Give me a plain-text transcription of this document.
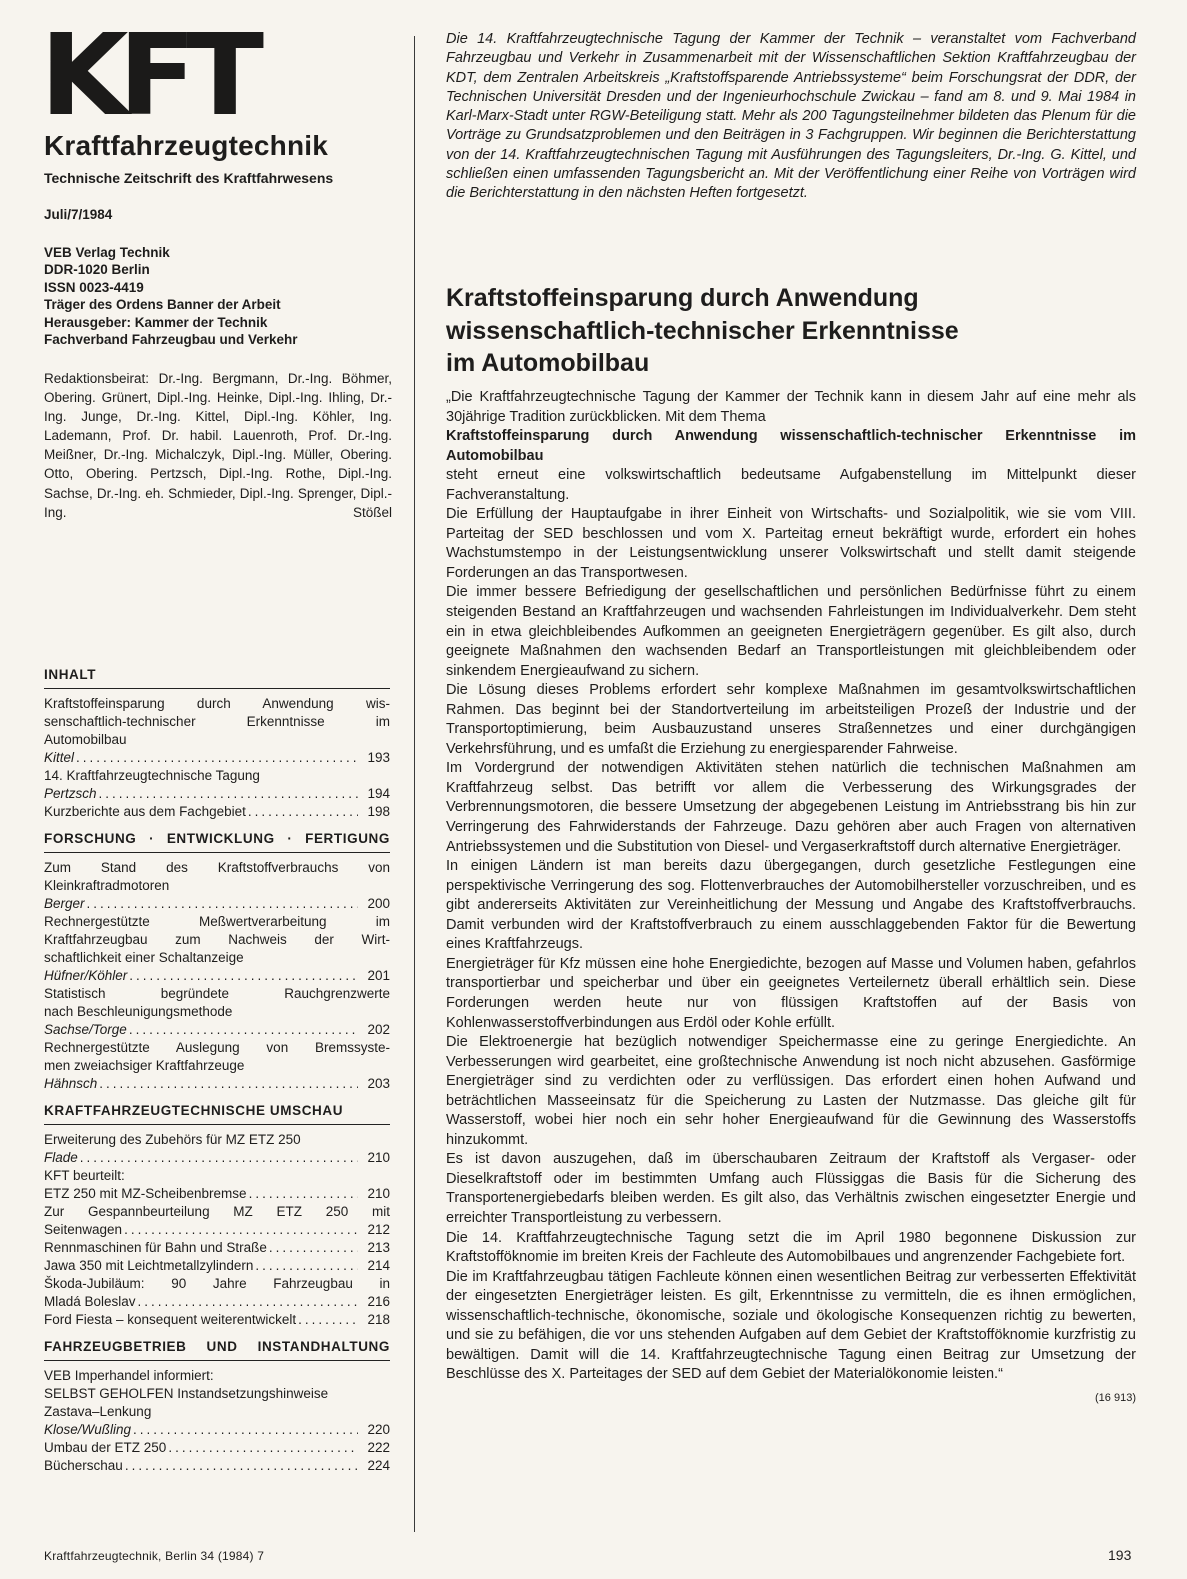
KFT
Kraftfahrzeugtechnik
Technische Zeitschrift des Kraftfahrwesens
Juli/7/1984
VEB Verlag Technik
DDR-1020 Berlin
ISSN 0023-4419
Träger des Ordens Banner der Arbeit
Herausgeber: Kammer der Technik
Fachverband Fahrzeugbau und Verkehr
Redaktionsbeirat: Dr.-Ing. Bergmann, Dr.-Ing. Böhmer, Obering. Grünert, Dipl.-Ing. Heinke, Dipl.-Ing. Ihling, Dr.-Ing. Junge, Dr.-Ing. Kittel, Dipl.-Ing. Köhler, Ing. Lademann, Prof. Dr. habil. Lauenroth, Prof. Dr.-Ing. Meißner, Dr.-Ing. Michalczyk, Dipl.-Ing. Müller, Obering. Otto, Obering. Pertzsch, Dipl.-Ing. Rothe, Dipl.-Ing. Sachse, Dr.-Ing. eh. Schmieder, Dipl.-Ing. Sprenger, Dipl.-Ing. Stößel
INHALT
Kraftstoffeinsparung durch Anwendung wis-
senschaftlich-technischer Erkenntnisse im
Automobilbau
Kittel .....	193
14. Kraftfahrzeugtechnische Tagung
Pertzsch .....	194
Kurzberichte aus dem Fachgebiet .....	198
FORSCHUNG · ENTWICKLUNG · FERTIGUNG
Zum Stand des Kraftstoffverbrauchs von
Kleinkraftradmotoren
Berger .....	200
Rechnergestützte Meßwertverarbeitung im
Kraftfahrzeugbau zum Nachweis der Wirt-
schaftlichkeit einer Schaltanzeige
Hüfner/Köhler .....	201
Statistisch begründete Rauchgrenzwerte
nach Beschleunigungsmethode
Sachse/Torge .....	202
Rechnergestützte Auslegung von Bremssyste-
men zweiachsiger Kraftfahrzeuge
Hähnsch .....	203
KRAFTFAHRZEUGTECHNISCHE UMSCHAU
Erweiterung des Zubehörs für MZ ETZ 250
Flade .....	210
KFT beurteilt:
ETZ 250 mit MZ-Scheibenbremse .....	210
Zur Gespannbeurteilung MZ ETZ 250 mit
Seitenwagen .....	212
Rennmaschinen für Bahn und Straße .....	213
Jawa 350 mit Leichtmetallzylindern .....	214
Škoda-Jubiläum: 90 Jahre Fahrzeugbau in
Mladá Boleslav .....	216
Ford Fiesta – konsequent weiterentwickelt .....	218
FAHRZEUGBETRIEB UND INSTANDHALTUNG
VEB Imperhandel informiert:
SELBST GEHOLFEN Instandsetzungshinweise
Zastava–Lenkung
Klose/Wußling .....	220
Umbau der ETZ 250 .....	222
Bücherschau .....	224
Die 14. Kraftfahrzeugtechnische Tagung der Kammer der Technik – veranstaltet vom Fachverband Fahrzeugbau und Verkehr in Zusammenarbeit mit der Wissenschaftlichen Sektion Kraftfahrzeugbau der KDT, dem Zentralen Arbeitskreis „Kraftstoffsparende Antriebssysteme“ beim Forschungsrat der DDR, der Technischen Universität Dresden und der Ingenieurhochschule Zwickau – fand am 8. und 9. Mai 1984 in Karl-Marx-Stadt unter RGW-Beteiligung statt. Mehr als 200 Tagungsteilnehmer bildeten das Plenum für die Vorträge zu Grundsatzproblemen und den Beiträgen in 3 Fachgruppen. Wir beginnen die Berichterstattung von der 14. Kraftfahrzeugtechnischen Tagung mit Ausführungen des Tagungsleiters, Dr.-Ing. G. Kittel, und schließen einen umfassenden Tagungsbericht an. Mit der Veröffentlichung einer Reihe von Vorträgen wird die Berichterstattung in den nächsten Heften fortgesetzt.
Kraftstoffeinsparung durch Anwendung
wissenschaftlich-technischer Erkenntnisse
im Automobilbau

„Die Kraftfahrzeugtechnische Tagung der Kammer der Technik kann in diesem Jahr auf eine mehr als 30jährige Tradition zurückblicken. Mit dem Thema

Kraftstoffeinsparung durch Anwendung wissenschaftlich-technischer Erkenntnisse im Automobilbau

steht erneut eine volkswirtschaftlich bedeutsame Aufgabenstellung im Mittelpunkt dieser Fachveranstaltung.

Die Erfüllung der Hauptaufgabe in ihrer Einheit von Wirtschafts- und Sozialpolitik, wie sie vom VIII. Parteitag der SED beschlossen und vom X. Parteitag erneut bekräftigt wurde, erfordert ein hohes Wachstumstempo in der Leistungsentwicklung unserer Volkswirtschaft und stellt damit steigende Forderungen an das Transportwesen.

Die immer bessere Befriedigung der gesellschaftlichen und persönlichen Bedürfnisse führt zu einem steigenden Bestand an Kraftfahrzeugen und wachsenden Fahrleistungen im Individualverkehr. Dem steht ein in etwa gleichbleibendes Aufkommen an geeigneten Energieträgern gegenüber. Es gilt also, durch geeignete Maßnahmen den wachsenden Bedarf an Transportleistungen mit gleichbleibendem oder sinkendem Energieaufwand zu sichern.

Die Lösung dieses Problems erfordert sehr komplexe Maßnahmen im gesamtvolkswirtschaftlichen Rahmen. Das beginnt bei der Standortverteilung im arbeitsteiligen Prozeß der Industrie und der Transportoptimierung, beim Ausbauzustand unseres Straßennetzes und einer durchgängigen Verkehrsführung, und es umfaßt die Erziehung zu energiesparender Fahrweise.

Im Vordergrund der notwendigen Aktivitäten stehen natürlich die technischen Maßnahmen am Kraftfahrzeug selbst. Das betrifft vor allem die Verbesserung des Wirkungsgrades der Verbrennungsmotoren, die bessere Umsetzung der abgegebenen Leistung im Antriebsstrang bis hin zur Verringerung des Fahrwiderstands der Fahrzeuge. Dazu gehören aber auch Fragen von alternativen Antriebssystemen und die Substitution von Diesel- und Vergaserkraftstoff durch alternative Energieträger.

In einigen Ländern ist man bereits dazu übergegangen, durch gesetzliche Festlegungen eine perspektivische Verringerung des sog. Flottenverbrauches der Automobilhersteller vorzuschreiben, und es gibt andererseits Aktivitäten zur Vereinheitlichung der Messung und Angabe des Kraftstoffverbrauchs. Damit verbunden wird der Kraftstoffverbrauch zu einem ausschlaggebenden Faktor für die Bewertung eines Kraftfahrzeugs.

Energieträger für Kfz müssen eine hohe Energiedichte, bezogen auf Masse und Volumen haben, gefahrlos transportierbar und speicherbar und über ein geeignetes Verteilernetz überall erhältlich sein. Diese Forderungen werden heute nur von flüssigen Kraftstoffen auf der Basis von Kohlenwasserstoffverbindungen aus Erdöl oder Kohle erfüllt.

Die Elektroenergie hat bezüglich notwendiger Speichermasse eine zu geringe Energiedichte. An Verbesserungen wird gearbeitet, eine großtechnische Anwendung ist noch nicht abzusehen. Gasförmige Energieträger sind zu verdichten oder zu verflüssigen. Das erfordert einen hohen Aufwand und beträchtlichen Masseeinsatz für die Speicherung zu Lasten der Nutzmasse. Das gleiche gilt für Wasserstoff, wobei hier noch ein sehr hoher Energieaufwand für die Gewinnung des Wasserstoffs hinzukommt.

Es ist davon auszugehen, daß im überschaubaren Zeitraum der Kraftstoff als Vergaser- oder Dieselkraftstoff oder im bestimmten Umfang auch Flüssiggas die Basis für die Sicherung des Transportenergiebedarfs bleiben werden. Es gilt also, das Verhältnis zwischen eingesetzter Energie und erreichter Transportleistung zu verbessern.

Die 14. Kraftfahrzeugtechnische Tagung setzt die im April 1980 begonnene Diskussion zur Kraftstofföknomie im breiten Kreis der Fachleute des Automobilbaues und angrenzender Fachgebiete fort.

Die im Kraftfahrzeugbau tätigen Fachleute können einen wesentlichen Beitrag zur verbesserten Effektivität der eingesetzten Energieträger leisten. Es gilt, Erkenntnisse zu vermitteln, die es ihnen ermöglichen, wissenschaftlich-technische, ökonomische, soziale und ökologische Konsequenzen richtig zu bewerten, und sie zu befähigen, die vor uns stehenden Aufgaben auf dem Gebiet der Kraftstofföknomie kurzfristig zu bewältigen. Damit will die 14. Kraftfahrzeugtechnische Tagung einen Beitrag zur Umsetzung der Beschlüsse des X. Parteitages der SED auf dem Gebiet der Materialökonomie leisten.“

(16 913)
Kraftfahrzeugtechnik, Berlin 34 (1984) 7	193
